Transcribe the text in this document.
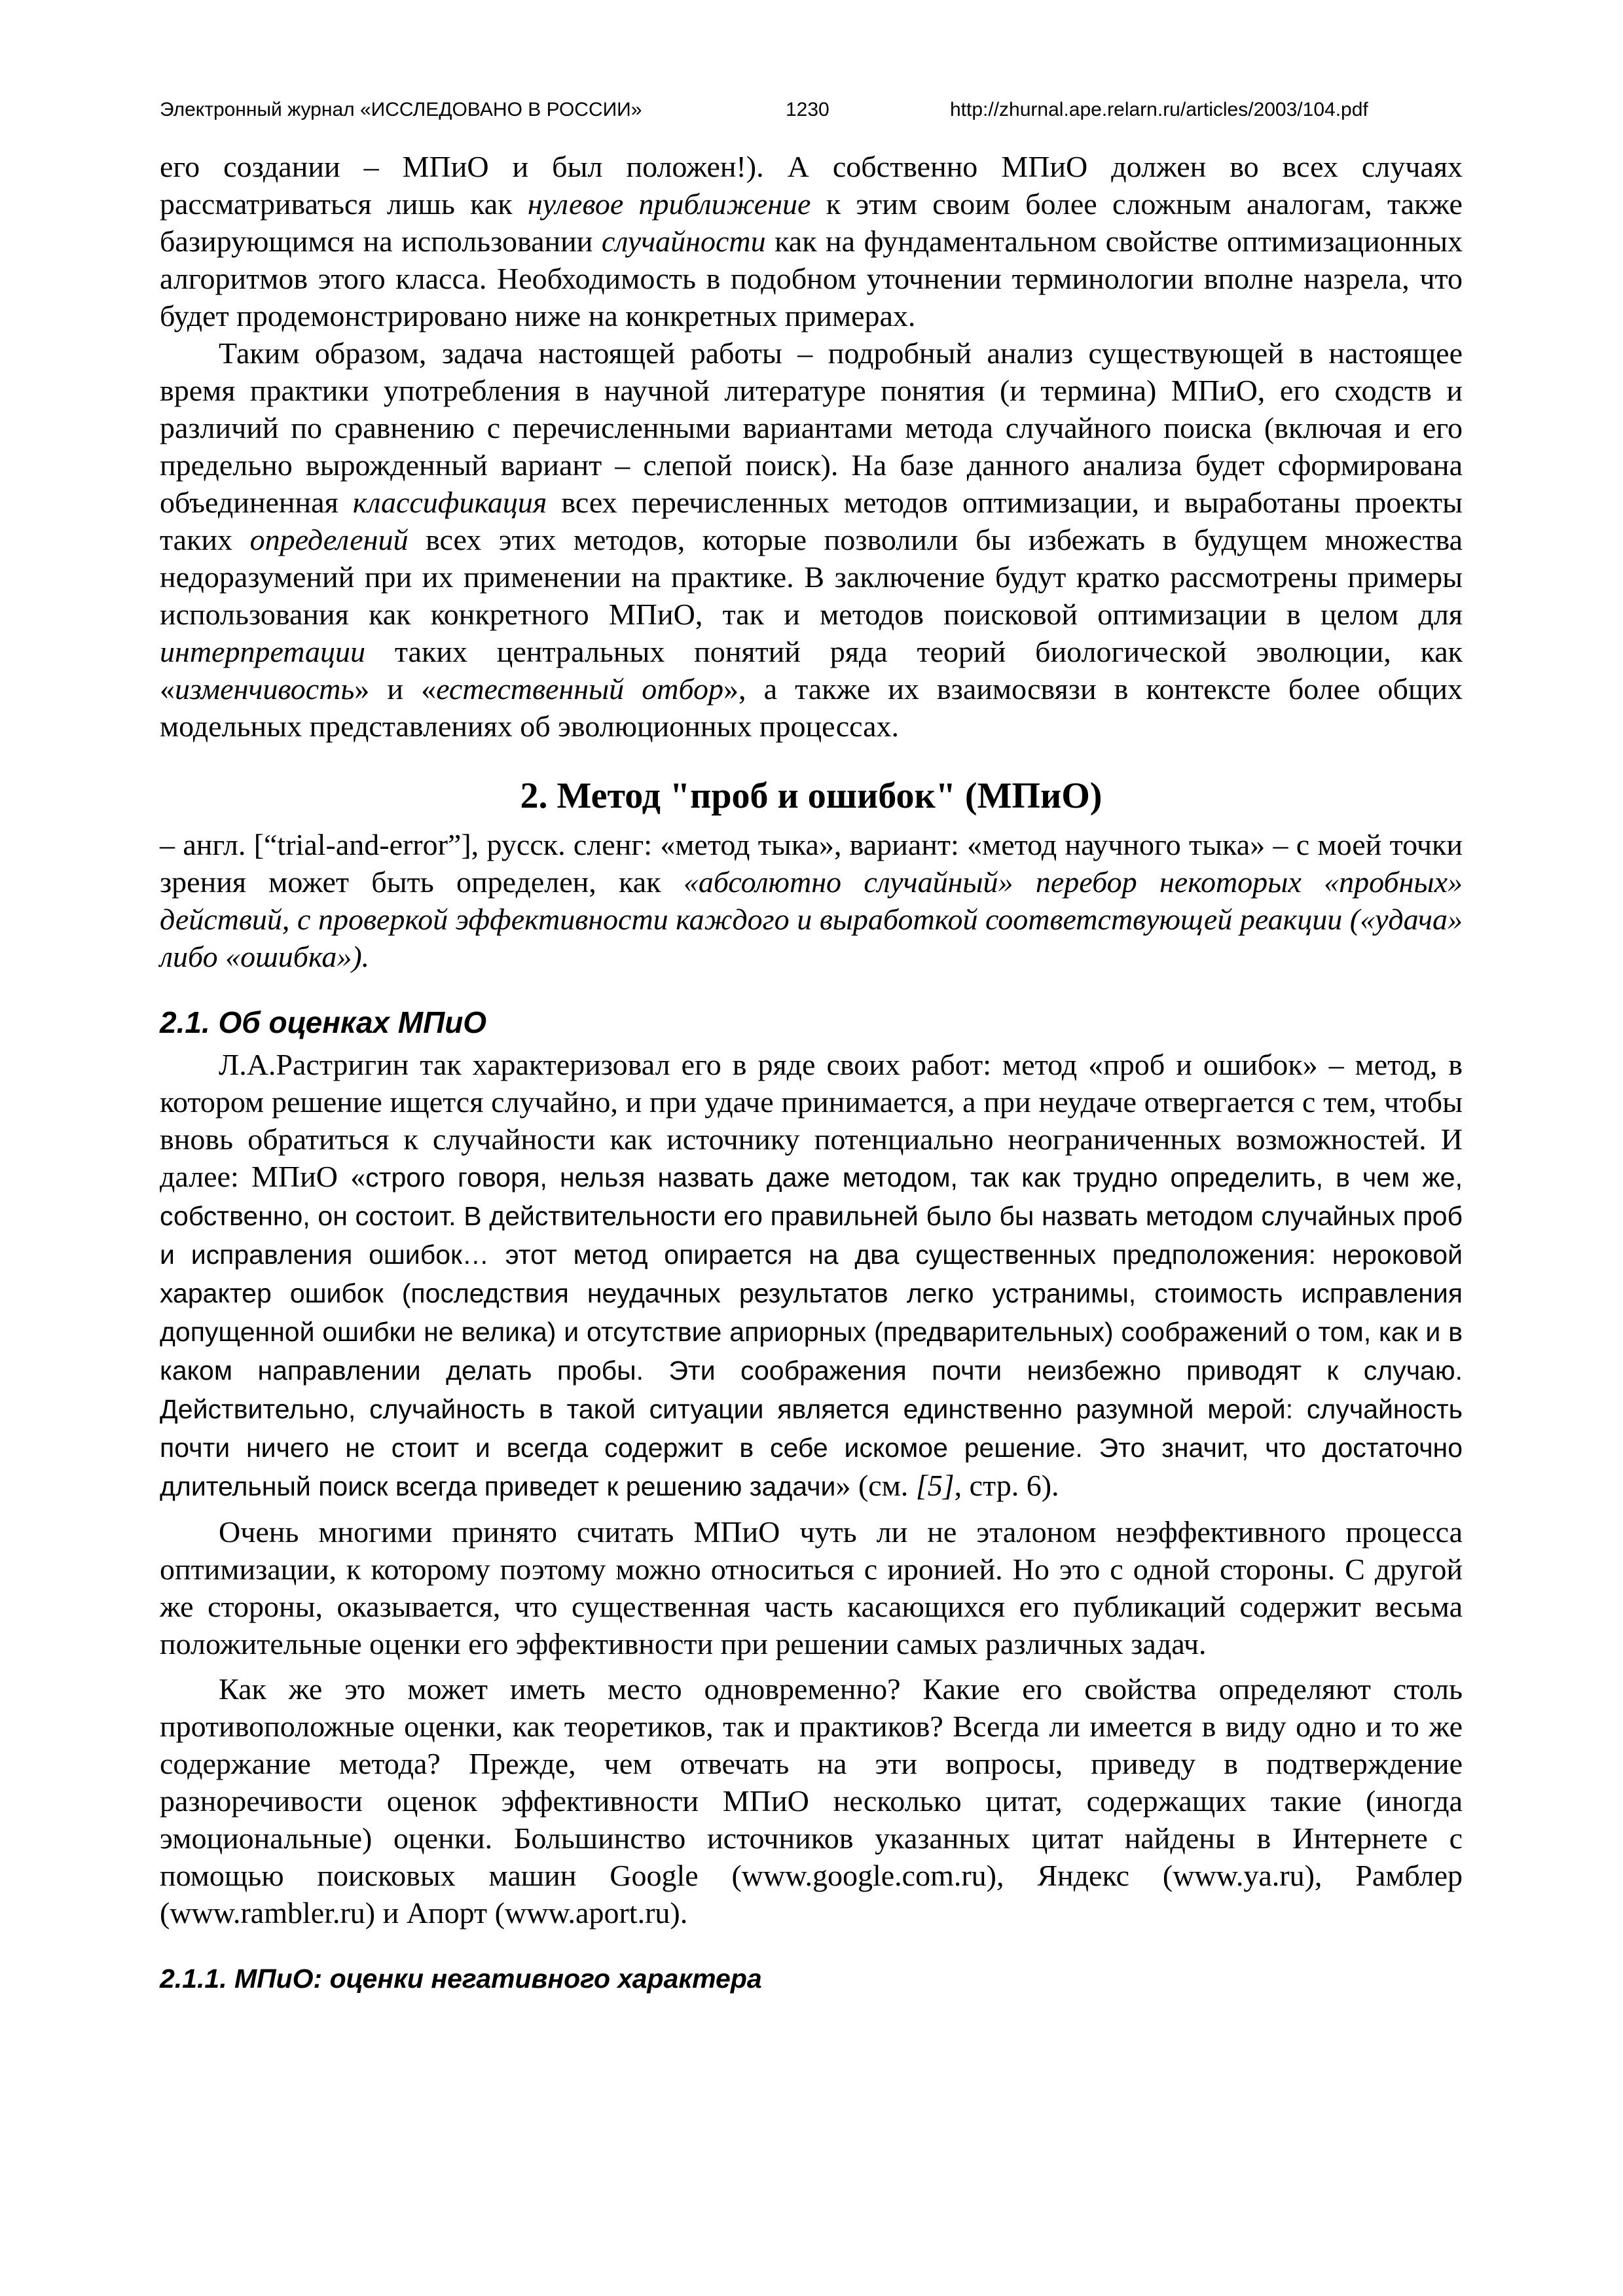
Электронный журнал «ИССЛЕДОВАНО В РОССИИ»	1230	http://zhurnal.ape.relarn.ru/articles/2003/104.pdf

его создании – МПиО и был положен!). А собственно МПиО должен во всех случаях рассматриваться лишь как нулевое приближение к этим своим более сложным аналогам, также базирующимся на использовании случайности как на фундаментальном свойстве оптимизационных алгоритмов этого класса. Необходимость в подобном уточнении терминологии вполне назрела, что будет продемонстрировано ниже на конкретных примерах.

Таким образом, задача настоящей работы – подробный анализ существующей в настоящее время практики употребления в научной литературе понятия (и термина) МПиО, его сходств и различий по сравнению с перечисленными вариантами метода случайного поиска (включая и его предельно вырожденный вариант – слепой поиск). На базе данного анализа будет сформирована объединенная классификация всех перечисленных методов оптимизации, и выработаны проекты таких определений всех этих методов, которые позволили бы избежать в будущем множества недоразумений при их применении на практике. В заключение будут кратко рассмотрены примеры использования как конкретного МПиО, так и методов поисковой оптимизации в целом для интерпретации таких центральных понятий ряда теорий биологической эволюции, как «изменчивость» и «естественный отбор», а также их взаимосвязи в контексте более общих модельных представлениях об эволюционных процессах.

2. Метод "проб и ошибок" (МПиО)

– англ. [“trial-and-error”], русск. сленг: «метод тыка», вариант: «метод научного тыка» – с моей точки зрения может быть определен, как «абсолютно случайный» перебор некоторых «пробных» действий, с проверкой эффективности каждого и выработкой соответствующей реакции («удача» либо «ошибка»).

2.1. Об оценках МПиО

Л.А.Растригин так характеризовал его в ряде своих работ: метод «проб и ошибок» – метод, в котором решение ищется случайно, и при удаче принимается, а при неудаче отвергается с тем, чтобы вновь обратиться к случайности как источнику потенциально неограниченных возможностей. И далее: МПиО «строго говоря, нельзя назвать даже методом, так как трудно определить, в чем же, собственно, он состоит. В действительности его правильней было бы назвать методом случайных проб и исправления ошибок… этот метод опирается на два существенных предположения: нероковой характер ошибок (последствия неудачных результатов легко устранимы, стоимость исправления допущенной ошибки не велика) и отсутствие априорных (предварительных) соображений о том, как и в каком направлении делать пробы. Эти соображения почти неизбежно приводят к случаю. Действительно, случайность в такой ситуации является единственно разумной мерой: случайность почти ничего не стоит и всегда содержит в себе искомое решение. Это значит, что достаточно длительный поиск всегда приведет к решению задачи» (см. [5], стр. 6).

Очень многими принято считать МПиО чуть ли не эталоном неэффективного процесса оптимизации, к которому поэтому можно относиться с иронией. Но это с одной стороны. С другой же стороны, оказывается, что существенная часть касающихся его публикаций содержит весьма положительные оценки его эффективности при решении самых различных задач.

Как же это может иметь место одновременно? Какие его свойства определяют столь противоположные оценки, как теоретиков, так и практиков? Всегда ли имеется в виду одно и то же содержание метода? Прежде, чем отвечать на эти вопросы, приведу в подтверждение разноречивости оценок эффективности МПиО несколько цитат, содержащих такие (иногда эмоциональные) оценки. Большинство источников указанных цитат найдены в Интернете с помощью поисковых машин Google (www.google.com.ru), Яндекс (www.ya.ru), Рамблер (www.rambler.ru) и Апорт (www.aport.ru).

2.1.1. МПиО: оценки негативного характера
